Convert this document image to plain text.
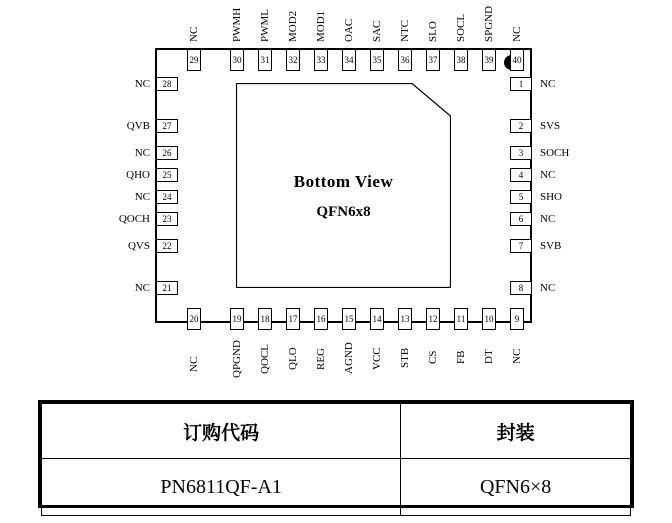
Bottom View
QFN6x8
28
27
26
25
24
23
22
21
NC
QVB
NC
QHO
NC
QOCH
QVS
NC
1
2
3
4
5
6
7
8
NC
SVS
SOCH
NC
SHO
NC
SVB
NC
29	30 31 32 33 34 35 36 37 38 39
NC	PWMH PWML MOD2 MOD1 OAC SAC NTC SLO SOCL SPGND
20	19 18 17 16 15 14 13 12 11 10
NC	QPGND QOCL QLO REG AGND VCC STB CS FB DT
订购代码	封装
PN6811QF-A1	QFN6×8
40
NC
9
NC
